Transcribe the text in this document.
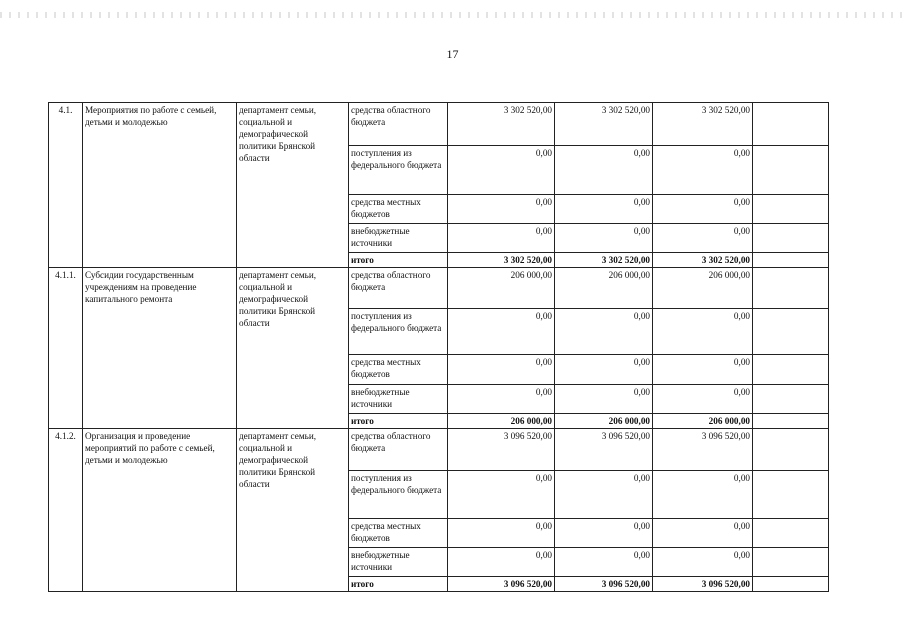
17
4.1.	Мероприятия по работе с семьей, детьми и молодежью	департамент семьи, социальной и демографической политики Брянской области	средства областного бюджета	3 302 520,00	3 302 520,00	3 302 520,00	
			поступления из федерального бюджета	0,00	0,00	0,00	
			средства местных бюджетов	0,00	0,00	0,00	
			внебюджетные источники	0,00	0,00	0,00	
			итого	3 302 520,00	3 302 520,00	3 302 520,00	
4.1.1.	Субсидии государственным учреждениям на проведение капитального ремонта	департамент семьи, социальной и демографической политики Брянской области	средства областного бюджета	206 000,00	206 000,00	206 000,00	
			поступления из федерального бюджета	0,00	0,00	0,00	
			средства местных бюджетов	0,00	0,00	0,00	
			внебюджетные источники	0,00	0,00	0,00	
			итого	206 000,00	206 000,00	206 000,00	
4.1.2.	Организация и проведение мероприятий по работе с семьей, детьми и молодежью	департамент семьи, социальной и демографической политики Брянской области	средства областного бюджета	3 096 520,00	3 096 520,00	3 096 520,00	
			поступления из федерального бюджета	0,00	0,00	0,00	
			средства местных бюджетов	0,00	0,00	0,00	
			внебюджетные источники	0,00	0,00	0,00	
			итого	3 096 520,00	3 096 520,00	3 096 520,00	
